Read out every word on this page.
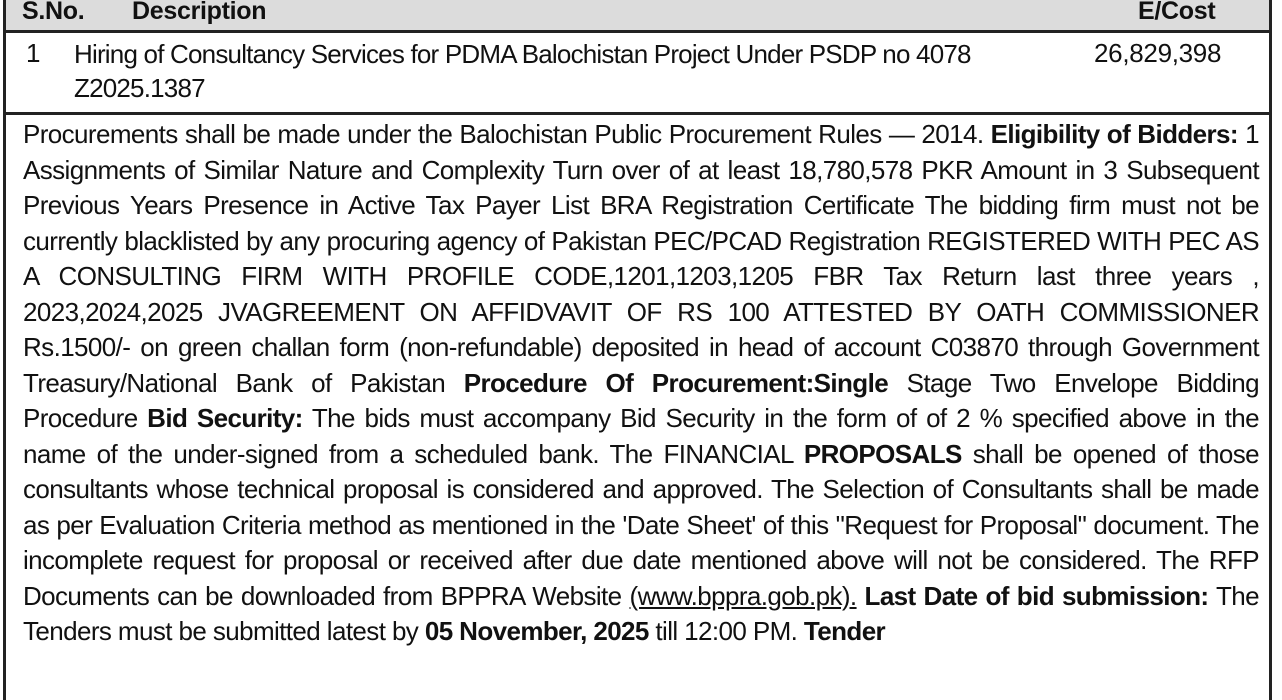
S.No. Description	E/Cost
1 Hiring of Consultancy Services for PDMA Balochistan Project Under PSDP no 4078 Z2025.1387
26,829,398
Procurements shall be made under the Balochistan Public Procurement Rules — 2014. Eligibility of Bidders: 1 Assignments of Similar Nature and Complexity Turn over of at least 18,780,578 PKR Amount in 3 Subsequent Previous Years Presence in Active Tax Payer List BRA Registration Certificate The bidding firm must not be currently blacklisted by any procuring agency of Pakistan PEC/PCAD Registration REGISTERED WITH PEC AS A CONSULTING FIRM WITH PROFILE CODE,1201,1203,1205 FBR Tax Return last three years , 2023,2024,2025 JVAGREEMENT ON AFFIDVAVIT OF RS 100 ATTESTED BY OATH COMMISSIONER Rs.1500/- on green challan form (non-refundable) deposited in head of account C03870 through Government Treasury/National Bank of Pakistan Procedure Of Procurement:Single Stage Two Envelope Bidding Procedure Bid Security: The bids must accompany Bid Security in the form of of 2 % specified above in the name of the under-signed from a scheduled bank. The FINANCIAL PROPOSALS shall be opened of those consultants whose technical proposal is considered and approved. The Selection of Consultants shall be made as per Evaluation Criteria method as mentioned in the 'Date Sheet' of this "Request for Proposal" document. The incomplete request for proposal or received after due date mentioned above will not be considered. The RFP Documents can be downloaded from BPPRA Website (www.bppra.gob.pk). Last Date of bid submission: The Tenders must be submitted latest by 05 November, 2025 till 12:00 PM. Tender
